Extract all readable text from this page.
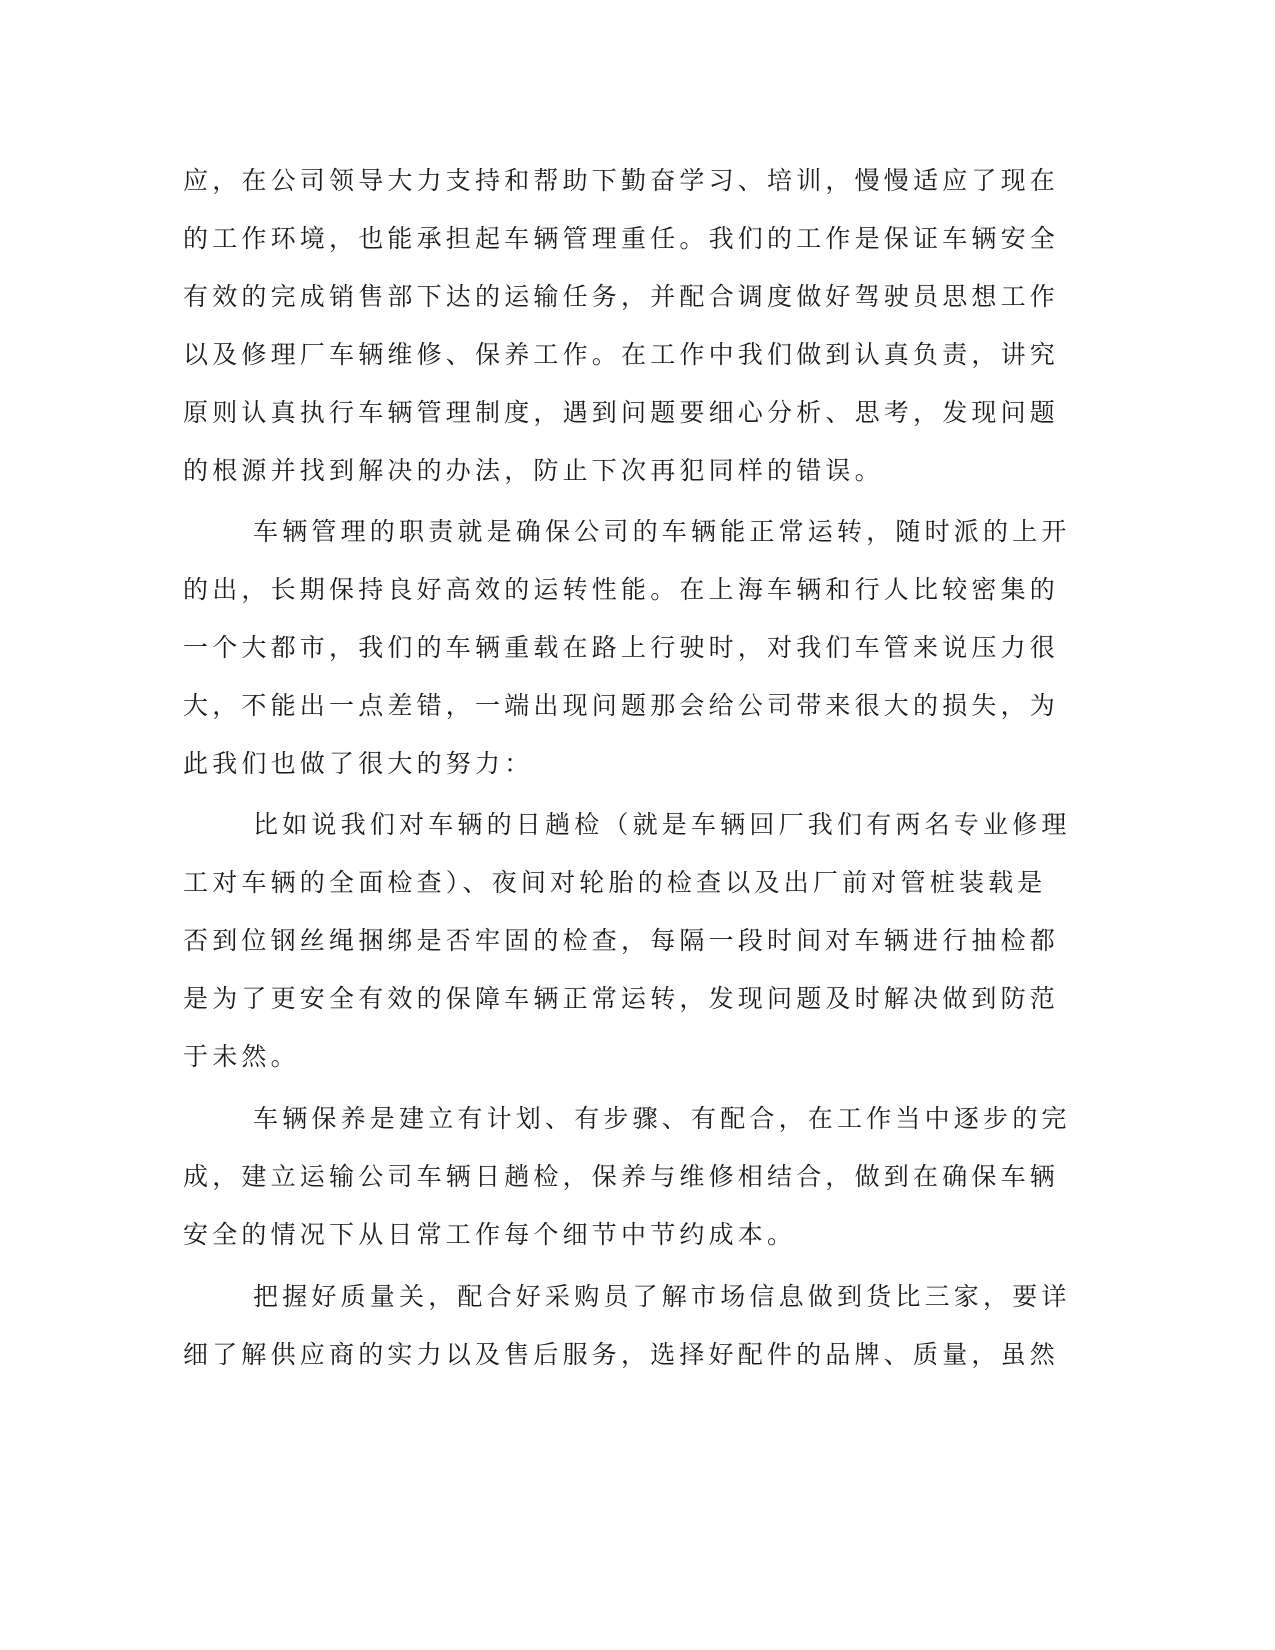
应，在公司领导大力支持和帮助下勤奋学习、培训，慢慢适应了现在

的工作环境，也能承担起车辆管理重任。我们的工作是保证车辆安全

有效的完成销售部下达的运输任务，并配合调度做好驾驶员思想工作

以及修理厂车辆维修、保养工作。在工作中我们做到认真负责，讲究

原则认真执行车辆管理制度，遇到问题要细心分析、思考，发现问题

的根源并找到解决的办法，防止下次再犯同样的错误。

车辆管理的职责就是确保公司的车辆能正常运转，随时派的上开

的出，长期保持良好高效的运转性能。在上海车辆和行人比较密集的

一个大都市，我们的车辆重载在路上行驶时，对我们车管来说压力很

大，不能出一点差错，一端出现问题那会给公司带来很大的损失，为

此我们也做了很大的努力：

比如说我们对车辆的日趟检（就是车辆回厂我们有两名专业修理

工对车辆的全面检查）、夜间对轮胎的检查以及出厂前对管桩装载是

否到位钢丝绳捆绑是否牢固的检查，每隔一段时间对车辆进行抽检都

是为了更安全有效的保障车辆正常运转，发现问题及时解决做到防范

于未然。

车辆保养是建立有计划、有步骤、有配合，在工作当中逐步的完

成，建立运输公司车辆日趟检，保养与维修相结合，做到在确保车辆

安全的情况下从日常工作每个细节中节约成本。

把握好质量关，配合好采购员了解市场信息做到货比三家，要详

细了解供应商的实力以及售后服务，选择好配件的品牌、质量，虽然
